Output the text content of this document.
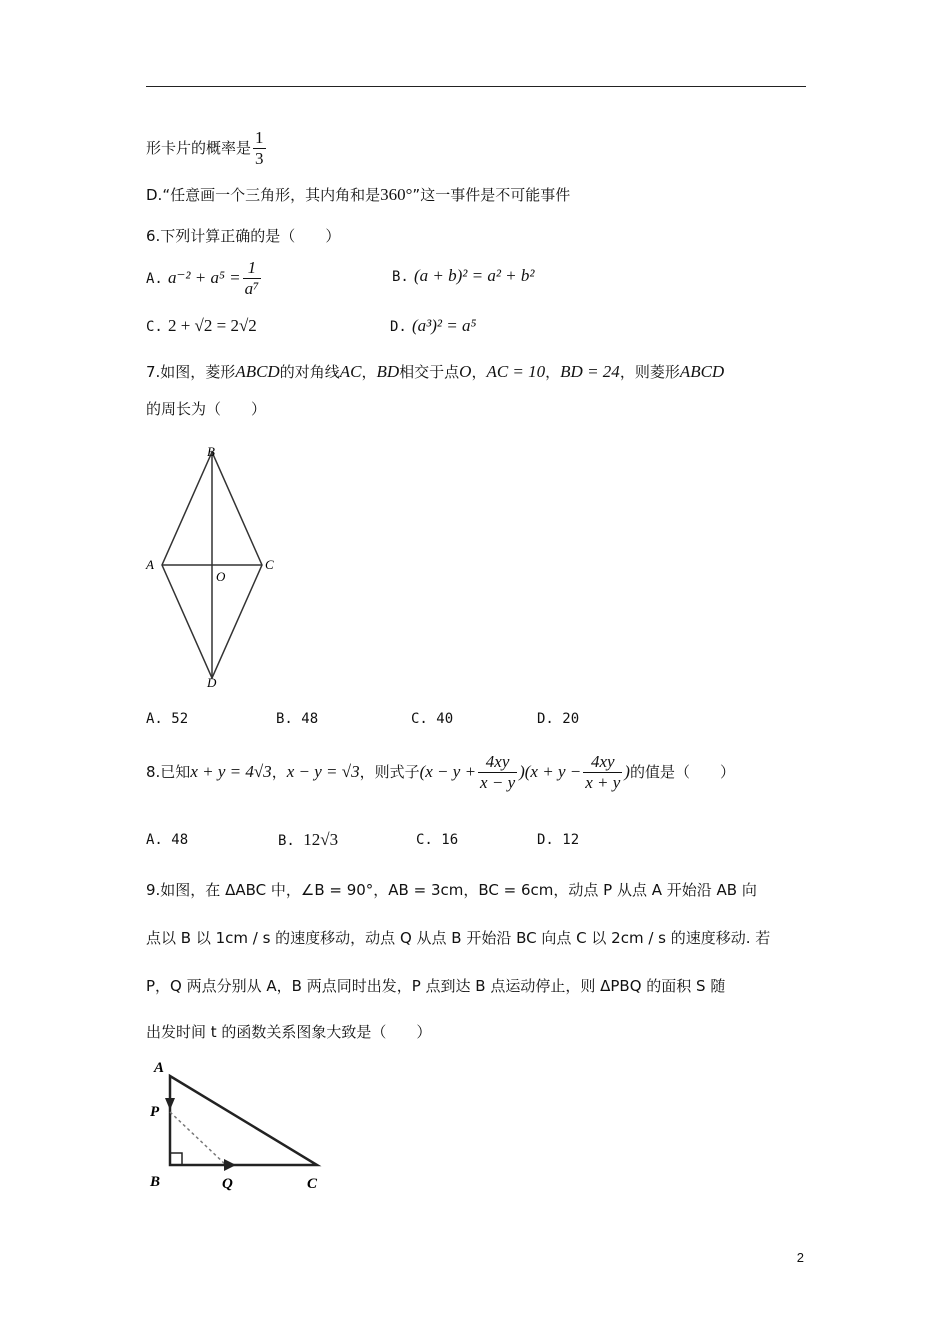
形卡片的概率是 $\frac{1}{3}$
D.“任意画一个三角形，其内角和是360°”这一事件是不可能事件
6.下列计算正确的是（　　）
A. $a^{-2} + a^5 = \frac{1}{\text{a⁷}}$	B. (a + b)² = a² + b²
C. 2 + √2 = 2√2	D. (a³)² = a⁵
7.如图，菱形ABCD的对角线AC，BD相交于点O，AC = 10，BD = 24，则菱形ABCD
的周长为（　　）
B
A	C
O
D
A. 52	B. 48	C. 40	D. 20
8.已知x + y = 4√3，x − y = √3，则式子$(x - y + \frac{4xy}{x - y} )(x + y - \frac{4xy}{x + y}$ )的值是（　　）
A. 48	B. 12√3	C. 16	D. 12
9.如图，在 ΔABC 中，∠B = 90°，AB = 3cm，BC = 6cm，动点 P 从点 A 开始沿 AB 向
点以 B 以 1cm / s 的速度移动，动点 Q 从点 B 开始沿 BC 向点 C 以 2cm / s 的速度移动. 若
P，Q 两点分别从 A，B 两点同时出发，P 点到达 B 点运动停止，则 ΔPBQ 的面积 S 随
出发时间 t 的函数关系图象大致是（　　）
A
P
B	Q	C
2
